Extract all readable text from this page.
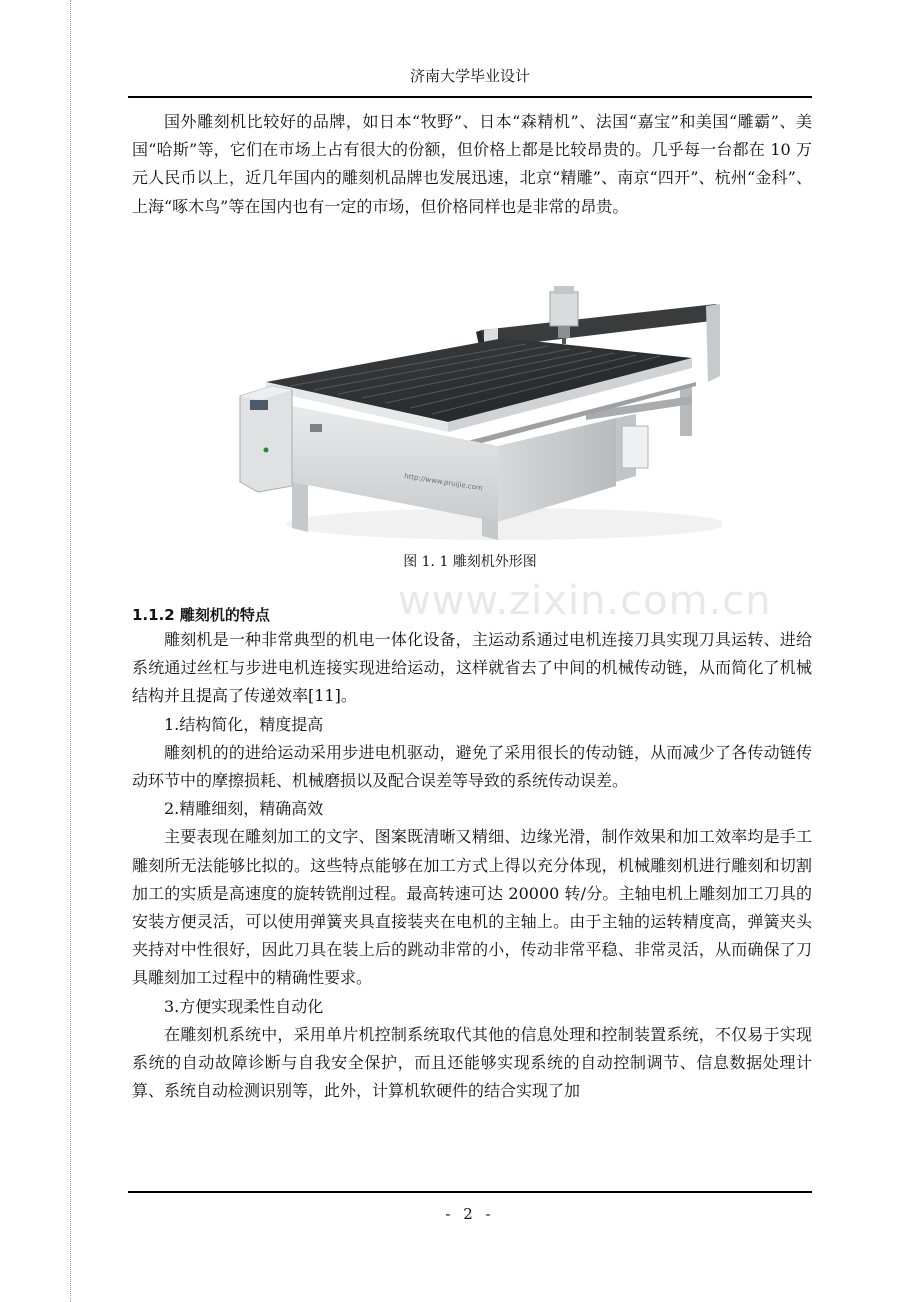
济南大学毕业设计

国外雕刻机比较好的品牌，如日本“牧野”、日本“森精机”、法国“嘉宝”和美国“雕霸”、美国“哈斯”等，它们在市场上占有很大的份额，但价格上都是比较昂贵的。几乎每一台都在 10 万元人民币以上，近几年国内的雕刻机品牌也发展迅速，北京“精雕”、南京“四开”、杭州“金科”、上海“啄木鸟”等在国内也有一定的市场，但价格同样也是非常的昂贵。

http://www.pruijie.com
图 1. 1 雕刻机外形图
www.zixin.com.cn
1.1.2 雕刻机的特点

雕刻机是一种非常典型的机电一体化设备，主运动系通过电机连接刀具实现刀具运转、进给系统通过丝杠与步进电机连接实现进给运动，这样就省去了中间的机械传动链，从而简化了机械结构并且提高了传递效率[11]。

1.结构简化，精度提高

雕刻机的的进给运动采用步进电机驱动，避免了采用很长的传动链，从而减少了各传动链传动环节中的摩擦损耗、机械磨损以及配合误差等导致的系统传动误差。

2.精雕细刻，精确高效

主要表现在雕刻加工的文字、图案既清晰又精细、边缘光滑，制作效果和加工效率均是手工雕刻所无法能够比拟的。这些特点能够在加工方式上得以充分体现，机械雕刻机进行雕刻和切割加工的实质是高速度的旋转铣削过程。最高转速可达 20000 转/分。主轴电机上雕刻加工刀具的安装方便灵活，可以使用弹簧夹具直接装夹在电机的主轴上。由于主轴的运转精度高，弹簧夹头夹持对中性很好，因此刀具在装上后的跳动非常的小，传动非常平稳、非常灵活，从而确保了刀具雕刻加工过程中的精确性要求。

3.方便实现柔性自动化

在雕刻机系统中，采用单片机控制系统取代其他的信息处理和控制装置系统，不仅易于实现系统的自动故障诊断与自我安全保护，而且还能够实现系统的自动控制调节、信息数据处理计算、系统自动检测识别等，此外，计算机软硬件的结合实现了加

- 2 -
